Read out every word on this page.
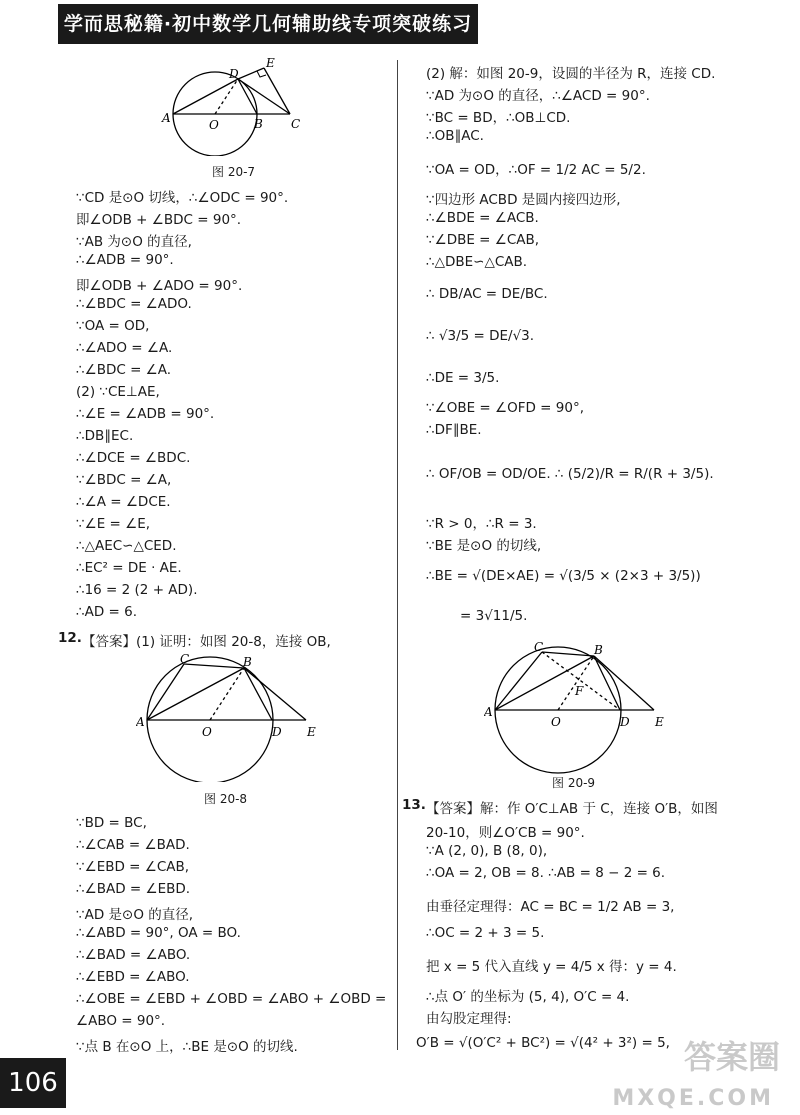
学而思秘籍·初中数学几何辅助线专项突破练习
A	O	B C
D
E
图 20-7
∵CD 是⊙O 切线，∴∠ODC = 90°.
即∠ODB + ∠BDC = 90°.
∵AB 为⊙O 的直径,
∴∠ADB = 90°.
即∠ODB + ∠ADO = 90°.
∴∠BDC = ∠ADO.
∵OA = OD,
∴∠ADO = ∠A.
∴∠BDC = ∠A.
(2) ∵CE⊥AE,
∴∠E = ∠ADB = 90°.
∴DB∥EC.
∴∠DCE = ∠BDC.
∵∠BDC = ∠A,
∴∠A = ∠DCE.
∵∠E = ∠E,
∴△AEC∽△CED.
∴EC² = DE · AE.
∴16 = 2 (2 + AD).
∴AD = 6.
12. 【答案】(1) 证明：如图 20-8，连接 OB,
A
O	D E
C	B
图 20-8
∵BD = BC,
∴∠CAB = ∠BAD.
∵∠EBD = ∠CAB,
∴∠BAD = ∠EBD.
∵AD 是⊙O 的直径,
∴∠ABD = 90°, OA = BO.
∴∠BAD = ∠ABO.
∴∠EBD = ∠ABO.
∴∠OBE = ∠EBD + ∠OBD = ∠ABO + ∠OBD =
∠ABO = 90°.
∵点 B 在⊙O 上，∴BE 是⊙O 的切线.
(2) 解：如图 20-9，设圆的半径为 R，连接 CD.
∵AD 为⊙O 的直径，∴∠ACD = 90°.
∵BC = BD，∴OB⊥CD.
∴OB∥AC.
∵OA = OD，∴OF = 1/2 AC = 5/2.
∵四边形 ACBD 是圆内接四边形,
∴∠BDE = ∠ACB.
∵∠DBE = ∠CAB,
∴△DBE∽△CAB.
∴ DB/AC = DE/BC.
∴ √3/5 = DE/√3.
∴DE = 3/5.
∵∠OBE = ∠OFD = 90°,
∴DF∥BE.
∴ OF/OB = OD/OE. ∴ (5/2)/R = R/(R + 3/5).
∵R > 0，∴R = 3.
∵BE 是⊙O 的切线,
∴BE = √(DE×AE) = √(3/5 × (2×3 + 3/5))
= 3√11/5.
A
O	D E
C	B
F
图 20-9
13. 【答案】解：作 O′C⊥AB 于 C，连接 O′B，如图
20-10，则∠O′CB = 90°.
∵A (2, 0), B (8, 0),
∴OA = 2, OB = 8. ∴AB = 8 − 2 = 6.
由垂径定理得：AC = BC = 1/2 AB = 3,
∴OC = 2 + 3 = 5.
把 x = 5 代入直线 y = 4/5 x 得：y = 4.
∴点 O′ 的坐标为 (5, 4), O′C = 4.
由勾股定理得:
O′B = √(O′C² + BC²) = √(4² + 3²) = 5,
106
答案圈
MXQE.COM
